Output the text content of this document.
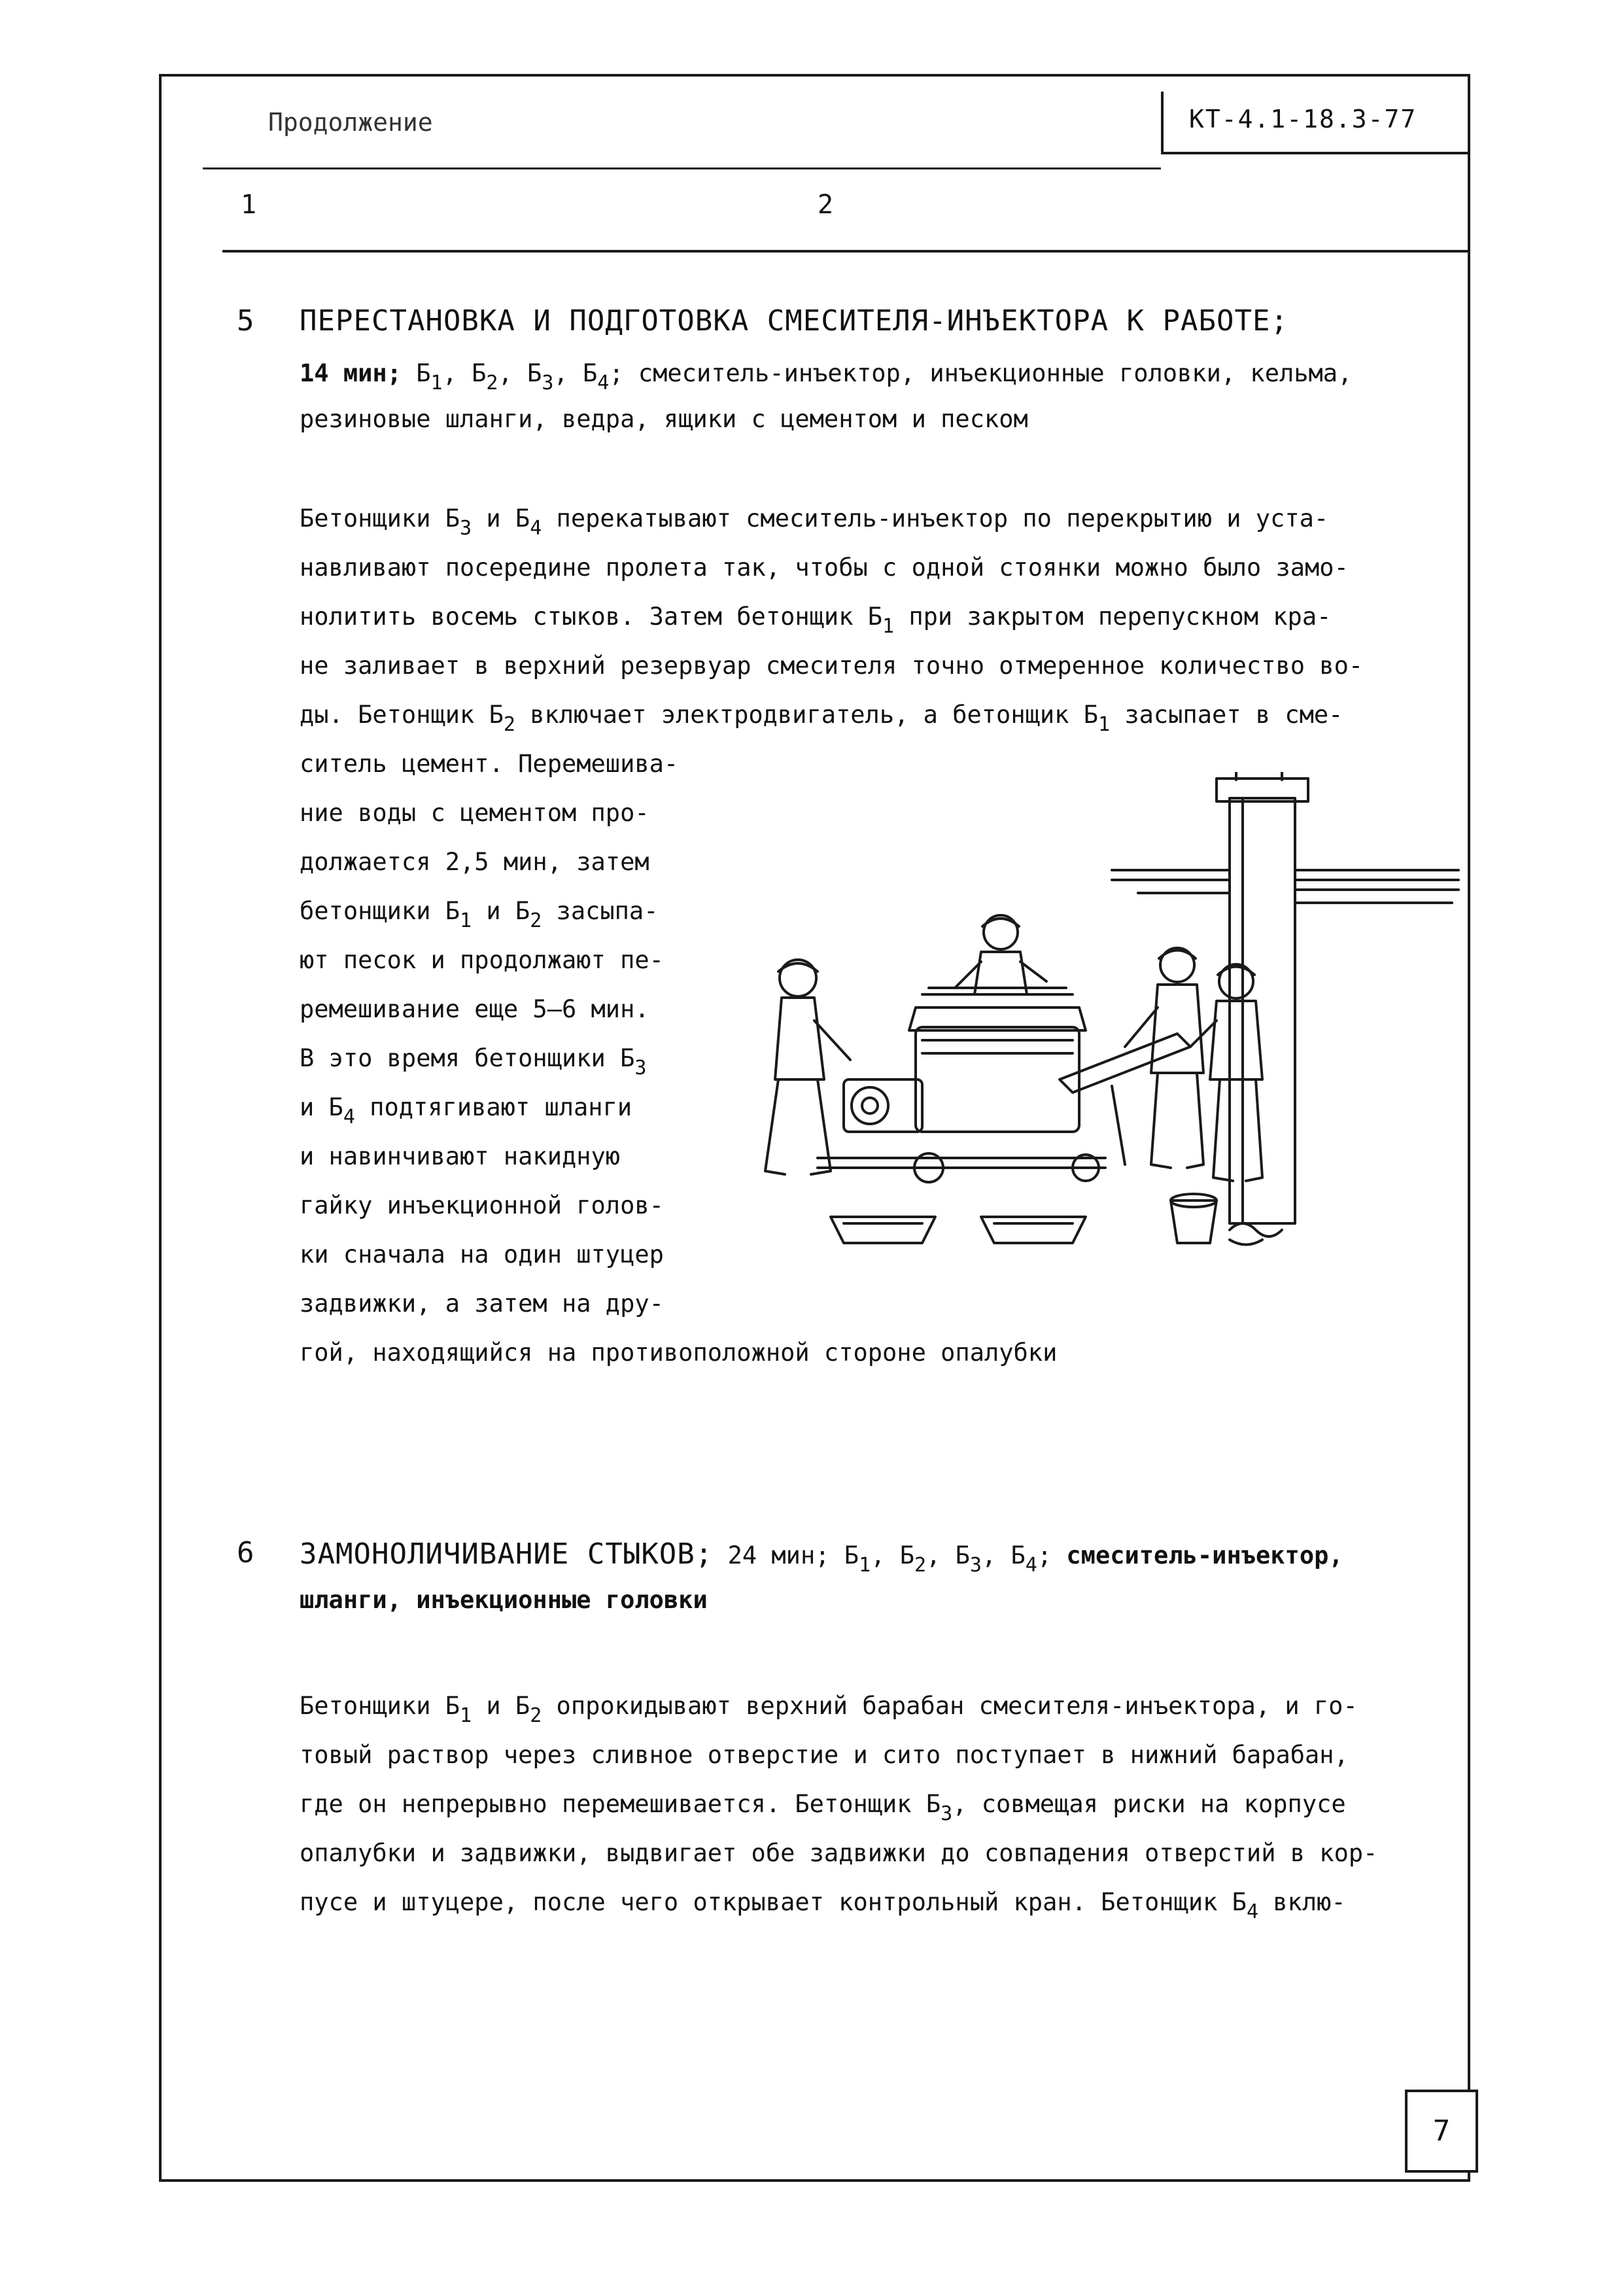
Продолжение	КТ-4.1-18.3-77
1	2
5 ПЕРЕСТАНОВКА И ПОДГОТОВКА СМЕСИТЕЛЯ-ИНЪЕКТОРА К РАБОТЕ;
14 мин; $Б_1$, $Б_2$, $Б_3$, $Б_4$; смеситель-инъектор, инъекционные головки, кельма,
резиновые шланги, ведра, ящики с цементом и песком
Бетонщики $Б_3$ и $Б_4$ перекатывают смеситель-инъектор по перекрытию и уста-
навливают посередине пролета так, чтобы с одной стоянки можно было замо-
нолитить восемь стыков. Затем бетонщик $Б_1$ при закрытом перепускном кра-
не заливает в верхний резервуар смесителя точно отмеренное количество во-
ды. Бетонщик $Б_2$ включает электродвигатель, а бетонщик $Б_1$ засыпает в сме-
ситель цемент. Перемешива-
ние воды с цементом про-
должается 2,5 мин, затем
бетонщики $Б_1$ и $Б_2$ засыпа-
ют песок и продолжают пе-
ремешивание еще 5–6 мин.
В это время бетонщики $Б_3$
и $Б_4$ подтягивают шланги
и навинчивают накидную
гайку инъекционной голов-
ки сначала на один штуцер
задвижки, а затем на дру-
гой, находящийся на противоположной стороне опалубки
6 ЗАМОНОЛИЧИВАНИЕ СТЫКОВ; 24 мин; $Б_1$, $Б_2$, $Б_3$, $Б_4$; смеситель-инъектор,
шланги, инъекционные головки
Бетонщики $Б_1$ и $Б_2$ опрокидывают верхний барабан смесителя-инъектора, и го-
товый раствор через сливное отверстие и сито поступает в нижний барабан,
где он непрерывно перемешивается. Бетонщик $Б_3$, совмещая риски на корпусе
опалубки и задвижки, выдвигает обе задвижки до совпадения отверстий в кор-
пусе и штуцере, после чего открывает контрольный кран. Бетонщик $Б_4$ вклю-
7
